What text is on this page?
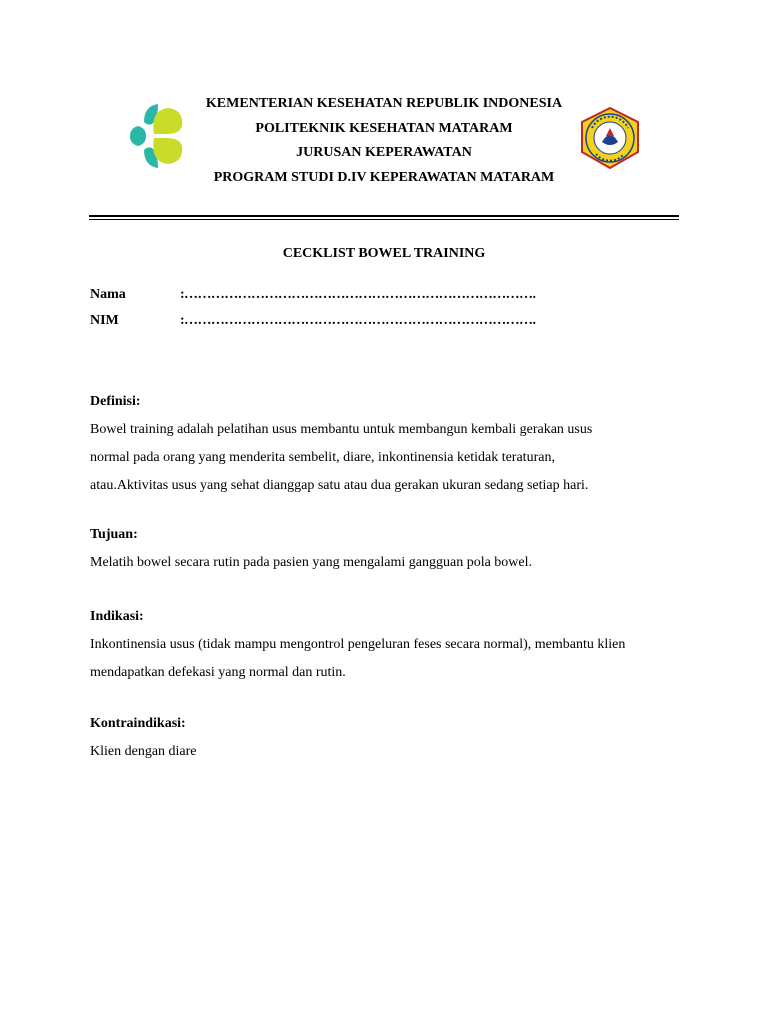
KEMENTERIAN KESEHATAN REPUBLIK INDONESIA
POLITEKNIK KESEHATAN MATARAM
JURUSAN KEPERAWATAN
PROGRAM STUDI D.IV KEPERAWATAN MATARAM
CECKLIST BOWEL TRAINING
Nama	:…………………………………………………………………….
NIM	:…………………………………………………………………….
Definisi:
Bowel training adalah pelatihan usus membantu untuk membangun kembali gerakan usus
normal pada orang yang menderita sembelit, diare, inkontinensia ketidak teraturan,
atau.Aktivitas usus yang sehat dianggap satu atau dua gerakan ukuran sedang setiap hari.
Tujuan:
Melatih bowel secara rutin pada pasien yang mengalami gangguan pola bowel.
Indikasi:
Inkontinensia usus (tidak mampu mengontrol pengeluran feses secara normal), membantu klien
mendapatkan defekasi yang normal dan rutin.
Kontraindikasi:
Klien dengan diare
